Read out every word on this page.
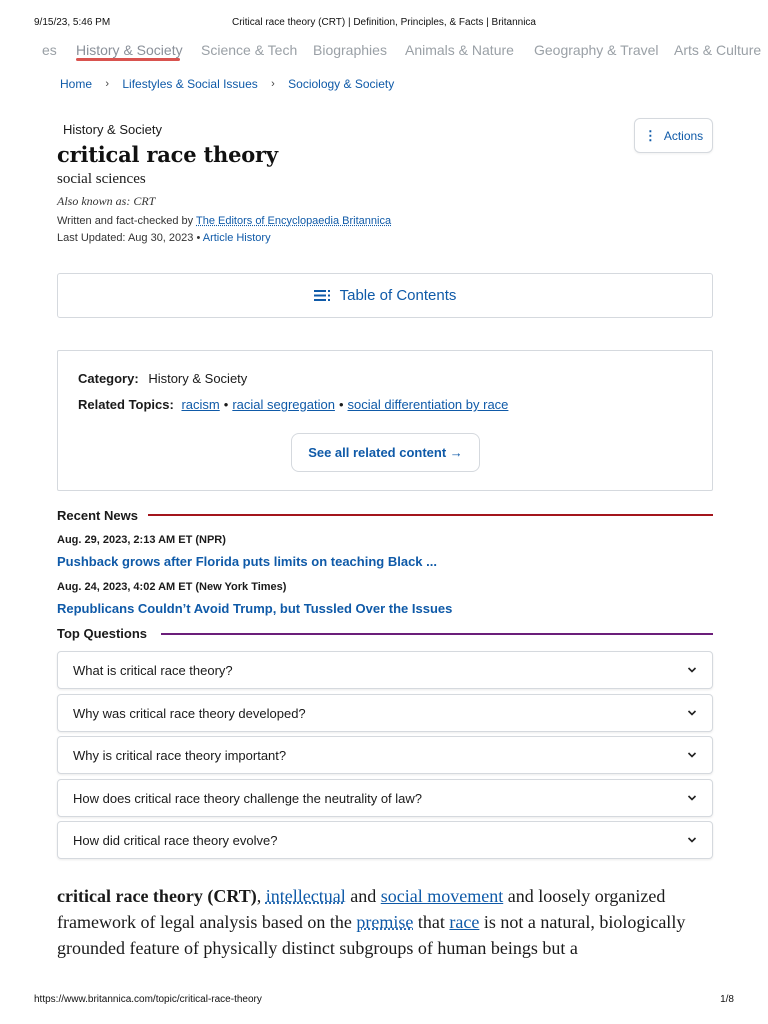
9/15/23, 5:46 PM	Critical race theory (CRT) | Definition, Principles, & Facts | Britannica
es History & Society Science & Tech Biographies Animals & Nature Geography & Travel Arts & Culture
Home › Lifestyles & Social Issues › Sociology & Society
History & Society	⋮ Actions
critical race theory
social sciences
Also known as: CRT
Written and fact-checked by The Editors of Encyclopaedia Britannica
Last Updated: Aug 30, 2023 • Article History
Table of Contents
Category: History & Society
Related Topics: racism • racial segregation • social differentiation by race
See all related content →
Recent News
Aug. 29, 2023, 2:13 AM ET (NPR)
Pushback grows after Florida puts limits on teaching Black ...
Aug. 24, 2023, 4:02 AM ET (New York Times)
Republicans Couldn’t Avoid Trump, but Tussled Over the Issues
Top Questions
What is critical race theory?
Why was critical race theory developed?
Why is critical race theory important?
How does critical race theory challenge the neutrality of law?
How did critical race theory evolve?
critical race theory (CRT), intellectual and social movement and loosely organized framework of legal analysis based on the premise that race is not a natural, biologically grounded feature of physically distinct subgroups of human beings but a
https://www.britannica.com/topic/critical-race-theory	1/8
